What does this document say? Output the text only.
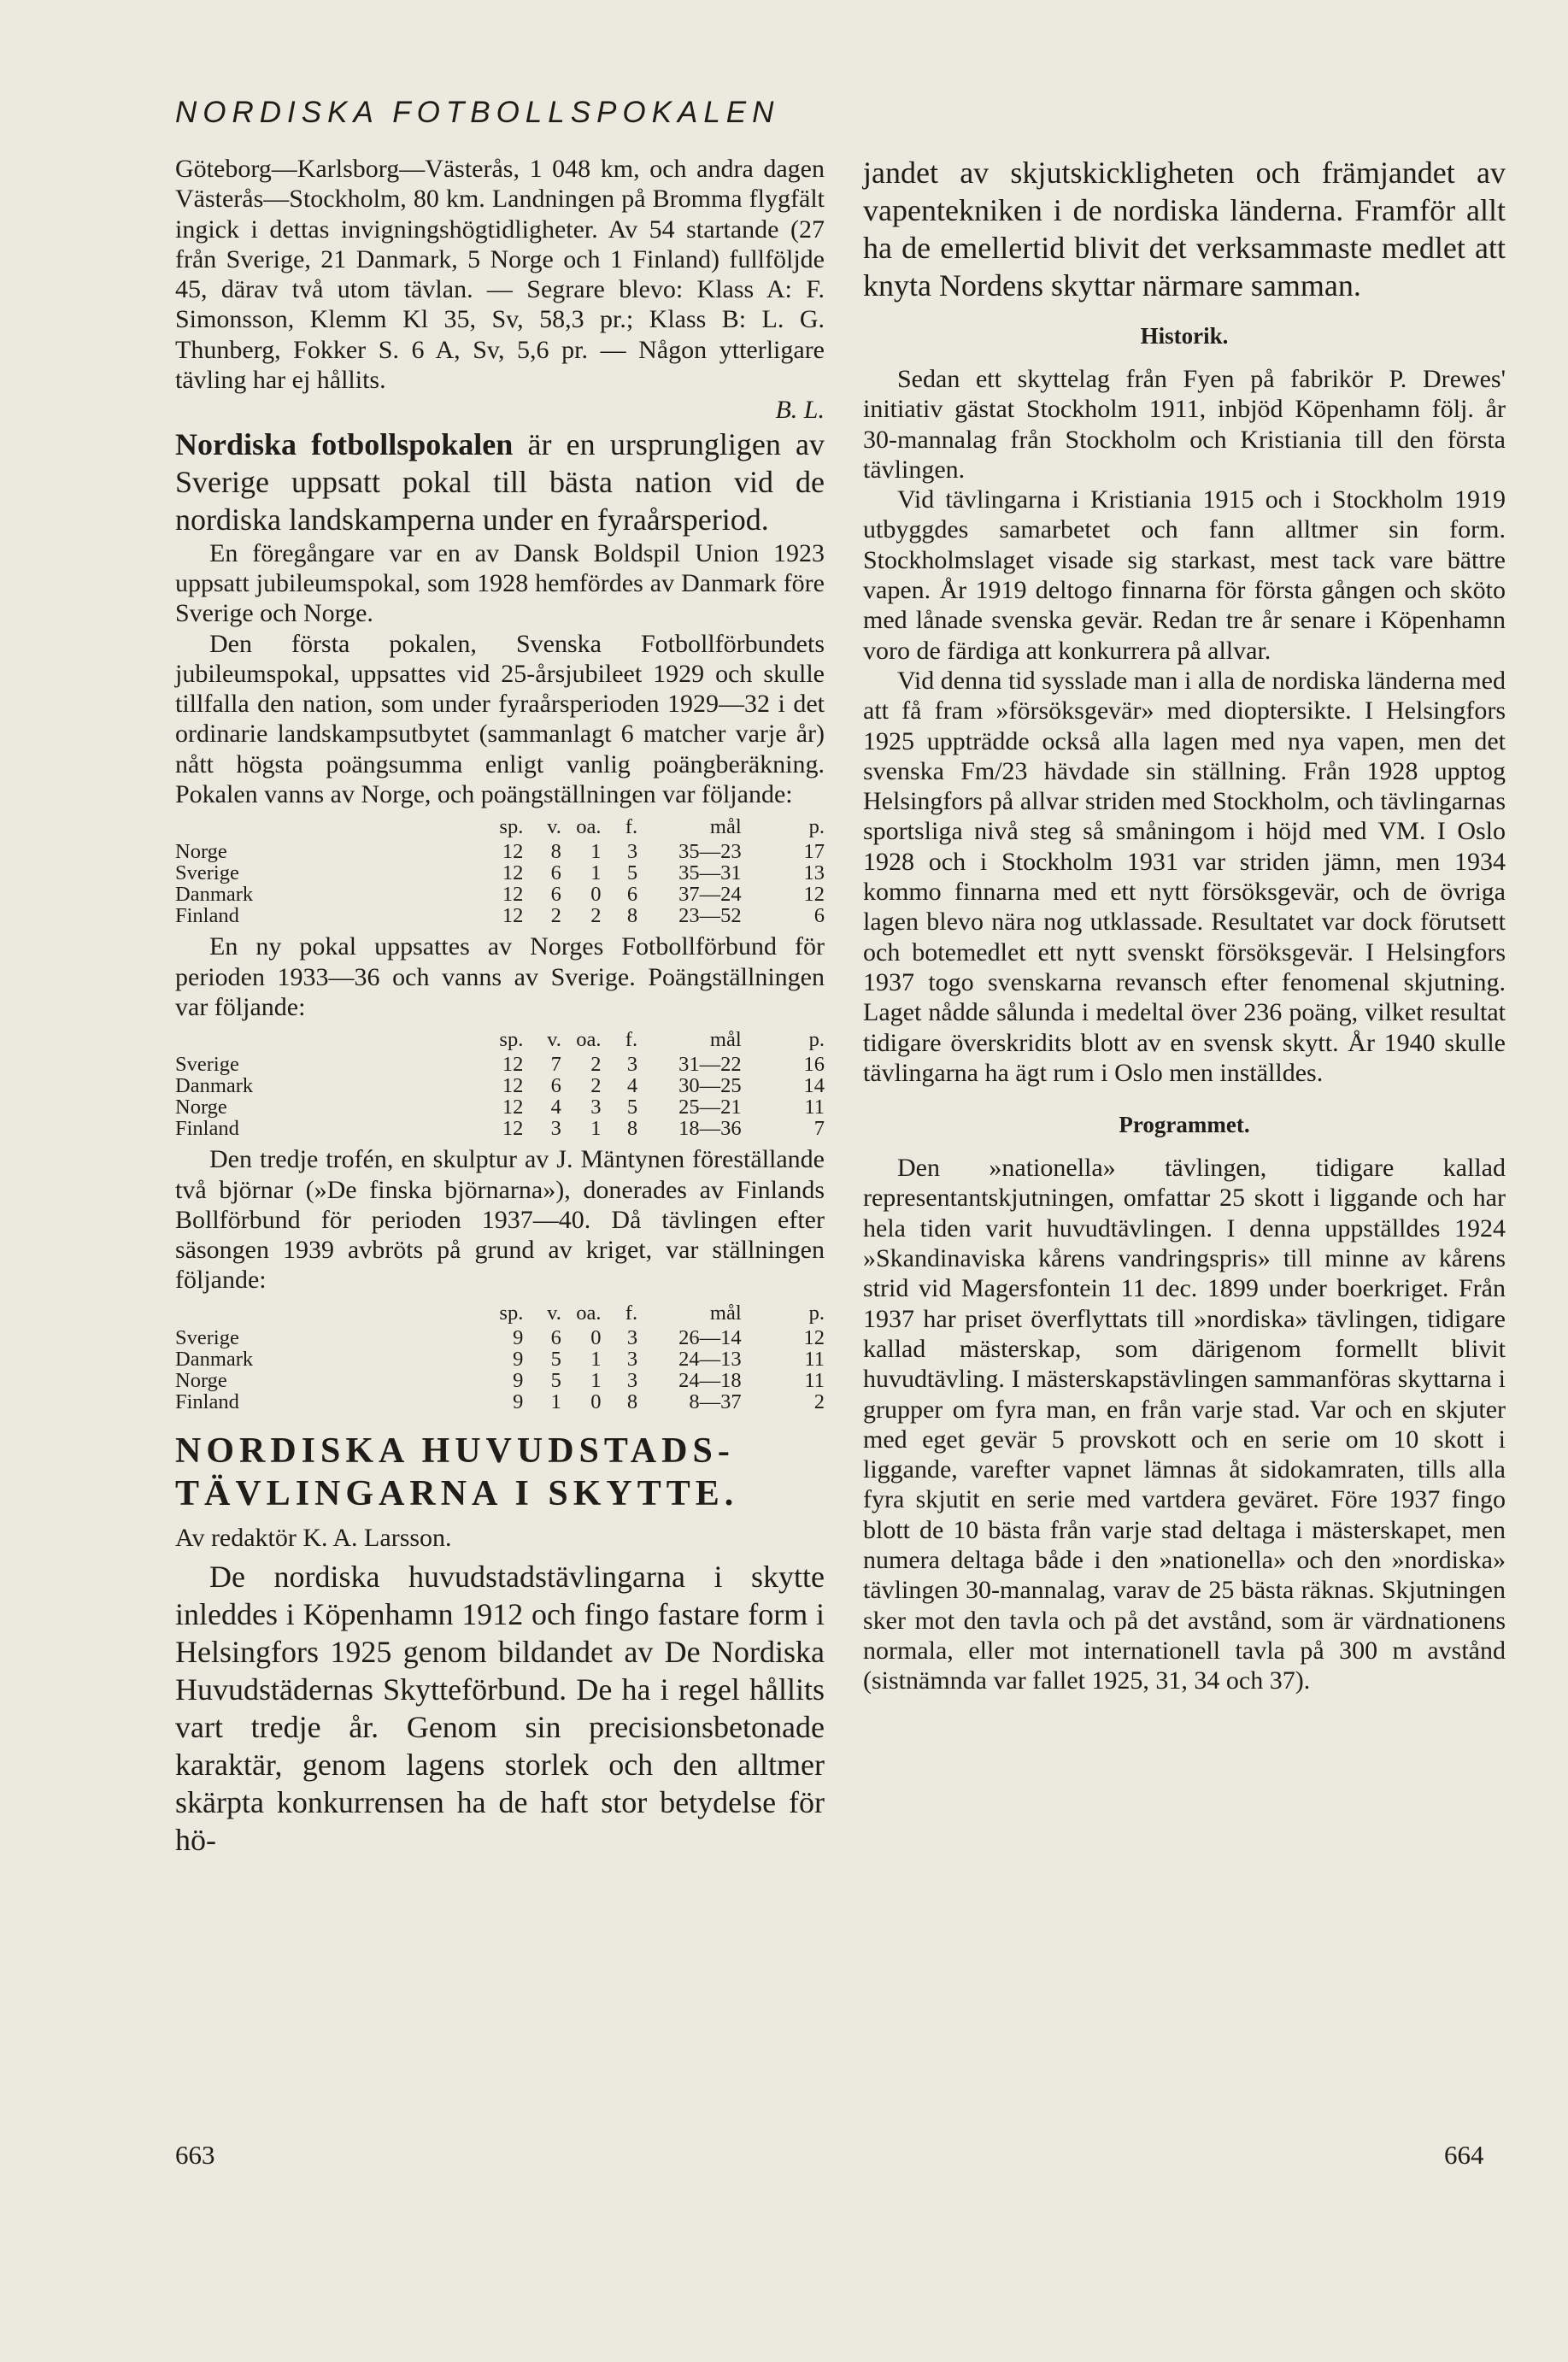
NORDISKA FOTBOLLSPOKALEN

Göteborg—Karlsborg—Västerås, 1 048 km, och andra dagen Västerås—Stockholm, 80 km. Landningen på Bromma flygfält ingick i dettas invigningshögtidligheter. Av 54 startande (27 från Sverige, 21 Danmark, 5 Norge och 1 Finland) fullföljde 45, därav två utom tävlan. — Segrare blevo: Klass A: F. Simonsson, Klemm Kl 35, Sv, 58,3 pr.; Klass B: L. G. Thunberg, Fokker S. 6 A, Sv, 5,6 pr. — Någon ytterligare tävling har ej hållits.

B. L.

Nordiska fotbollspokalen är en ursprungligen av Sverige uppsatt pokal till bästa nation vid de nordiska landskamperna under en fyraårsperiod.

En föregångare var en av Dansk Boldspil Union 1923 uppsatt jubileumspokal, som 1928 hemfördes av Danmark före Sverige och Norge.

Den första pokalen, Svenska Fotbollförbundets jubileumspokal, uppsattes vid 25-årsjubileet 1929 och skulle tillfalla den nation, som under fyraårsperioden 1929—32 i det ordinarie landskampsutbytet (sammanlagt 6 matcher varje år) nått högsta poängsumma enligt vanlig poängberäkning. Pokalen vanns av Norge, och poängställningen var följande:

	sp.	v.	oa.	f.	mål	p.
Norge	12	8	1	3	35—23	17
Sverige	12	6	1	5	35—31	13
Danmark	12	6	0	6	37—24	12
Finland	12	2	2	8	23—52	6

En ny pokal uppsattes av Norges Fotbollförbund för perioden 1933—36 och vanns av Sverige. Poängställningen var följande:

	sp.	v.	oa.	f.	mål	p.
Sverige	12	7	2	3	31—22	16
Danmark	12	6	2	4	30—25	14
Norge	12	4	3	5	25—21	11
Finland	12	3	1	8	18—36	7

Den tredje trofén, en skulptur av J. Mäntynen föreställande två björnar (»De finska björnarna»), donerades av Finlands Bollförbund för perioden 1937—40. Då tävlingen efter säsongen 1939 avbröts på grund av kriget, var ställningen följande:

	sp.	v.	oa.	f.	mål	p.
Sverige	9	6	0	3	26—14	12
Danmark	9	5	1	3	24—13	11
Norge	9	5	1	3	24—18	11
Finland	9	1	0	8	8—37	2
NORDISKA HUVUDSTADS-
TÄVLINGARNA I SKYTTE.

Av redaktör K. A. Larsson.

De nordiska huvudstadstävlingarna i skytte inleddes i Köpenhamn 1912 och fingo fastare form i Helsingfors 1925 genom bildandet av De Nordiska Huvudstädernas Skytteförbund. De ha i regel hållits vart tredje år. Genom sin precisionsbetonade karaktär, genom lagens storlek och den alltmer skärpta konkurrensen ha de haft stor betydelse för hö-

jandet av skjutskickligheten och främjandet av vapentekniken i de nordiska länderna. Framför allt ha de emellertid blivit det verksammaste medlet att knyta Nordens skyttar närmare samman.

Historik.

Sedan ett skyttelag från Fyen på fabrikör P. Drewes' initiativ gästat Stockholm 1911, inbjöd Köpenhamn följ. år 30-mannalag från Stockholm och Kristiania till den första tävlingen.

Vid tävlingarna i Kristiania 1915 och i Stockholm 1919 utbyggdes samarbetet och fann alltmer sin form. Stockholmslaget visade sig starkast, mest tack vare bättre vapen. År 1919 deltogo finnarna för första gången och sköto med lånade svenska gevär. Redan tre år senare i Köpenhamn voro de färdiga att konkurrera på allvar.

Vid denna tid sysslade man i alla de nordiska länderna med att få fram »försöksgevär» med dioptersikte. I Helsingfors 1925 uppträdde också alla lagen med nya vapen, men det svenska Fm/23 hävdade sin ställning. Från 1928 upptog Helsingfors på allvar striden med Stockholm, och tävlingarnas sportsliga nivå steg så småningom i höjd med VM. I Oslo 1928 och i Stockholm 1931 var striden jämn, men 1934 kommo finnarna med ett nytt försöksgevär, och de övriga lagen blevo nära nog utklassade. Resultatet var dock förutsett och botemedlet ett nytt svenskt försöksgevär. I Helsingfors 1937 togo svenskarna revansch efter fenomenal skjutning. Laget nådde sålunda i medeltal över 236 poäng, vilket resultat tidigare överskridits blott av en svensk skytt. År 1940 skulle tävlingarna ha ägt rum i Oslo men inställdes.

Programmet.

Den »nationella» tävlingen, tidigare kallad representantskjutningen, omfattar 25 skott i liggande och har hela tiden varit huvudtävlingen. I denna uppställdes 1924 »Skandinaviska kårens vandringspris» till minne av kårens strid vid Magersfontein 11 dec. 1899 under boerkriget. Från 1937 har priset överflyttats till »nordiska» tävlingen, tidigare kallad mästerskap, som därigenom formellt blivit huvudtävling. I mästerskapstävlingen sammanföras skyttarna i grupper om fyra man, en från varje stad. Var och en skjuter med eget gevär 5 provskott och en serie om 10 skott i liggande, varefter vapnet lämnas åt sidokamraten, tills alla fyra skjutit en serie med vartdera geväret. Före 1937 fingo blott de 10 bästa från varje stad deltaga i mästerskapet, men numera deltaga både i den »nationella» och den »nordiska» tävlingen 30-mannalag, varav de 25 bästa räknas. Skjutningen sker mot den tavla och på det avstånd, som är värdnationens normala, eller mot internationell tavla på 300 m avstånd (sistnämnda var fallet 1925, 31, 34 och 37).

663	664
